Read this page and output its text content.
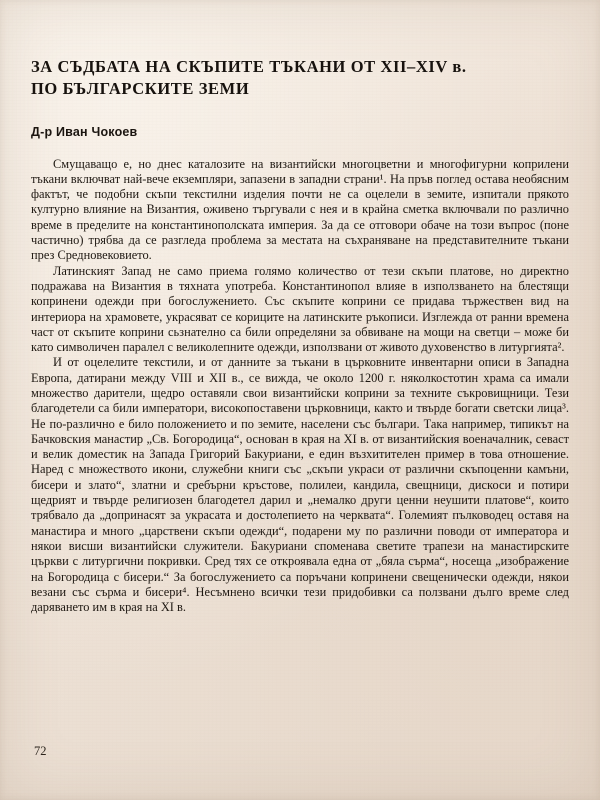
ЗА СЪДБАТА НА СКЪПИТЕ ТЪКАНИ ОТ XII–XIV в.
ПО БЪЛГАРСКИТЕ ЗЕМИ
Д-р Иван Чокоев

Смущаващо е, но днес каталозите на византийски многоцветни и многофигурни коприлени тъкани включват най-вече екземпляри, запазени в западни страни¹. На пръв поглед остава необясним фактът, че подобни скъпи текстилни изделия почти не са оцелели в земите, изпитали прякото културно влияние на Византия, оживено търгували с нея и в крайна сметка включвали по различно време в пределите на константинополската империя. За да се отговори обаче на този въпрос (поне частично) трябва да се разгледа проблема за местата на съхраняване на представителните тъкани през Средновековието.

Латинският Запад не само приема голямо количество от тези скъпи платове, но директно подражава на Византия в тяхната употреба. Константинопол влияе в използването на блестящи копринени одежди при богослужението. Със скъпите коприни се придава тържествен вид на интериора на храмовете, украсяват се кориците на латинските ръкописи. Изглежда от ранни времена част от скъпите коприни сьзнателно са били определяни за обвиване на мощи на светци – може би като символичен паралел с великолепните одежди, използвани от живото духовенство в литургията².

И от оцелелите текстили, и от данните за тъкани в църковните инвентарни описи в Западна Европа, датирани между VIII и XII в., се вижда, че около 1200 г. няколкостотин храма са имали множество дарители, щедро оставяли свои византийски коприни за техните съкровищници. Тези благодетели са били императори, високопоставени църковници, както и твърде богати светски лица³. Не по-различно е било положението и по земите, населени със българи. Така например, типикът на Бачковския манастир „Св. Богородица“, основан в края на XI в. от византийския военачалник, севаст и велик доместик на Запада Григорий Бакуриани, е един възхитителен пример в това отношение. Наред с множеството икони, служебни книги със „скъпи украси от различни скъпоценни камъни, бисери и злато“, златни и сребърни кръстове, полилеи, кандила, свещници, дискоси и потири щедрият и твърде религиозен благодетел дарил и „немалко други ценни неушити платове“, които трябвало да „допринасят за украсата и достолепието на черквата“. Големият пълководец оставя на манастира и много „царствени скъпи одежди“, подарени му по различни поводи от императора и някои висши византийски служители. Бакуриани споменава светите трапези на манастирските църкви с литургични покривки. Сред тях се откроявала една от „бяла сърма“, носеща „изображение на Богородица с бисери.“ За богослужението са поръчани копринени свещенически одежди, някои везани със сърма и бисери⁴. Несъмнено всички тези придобивки са ползвани дълго време след даряването им в края на XI в.

72
